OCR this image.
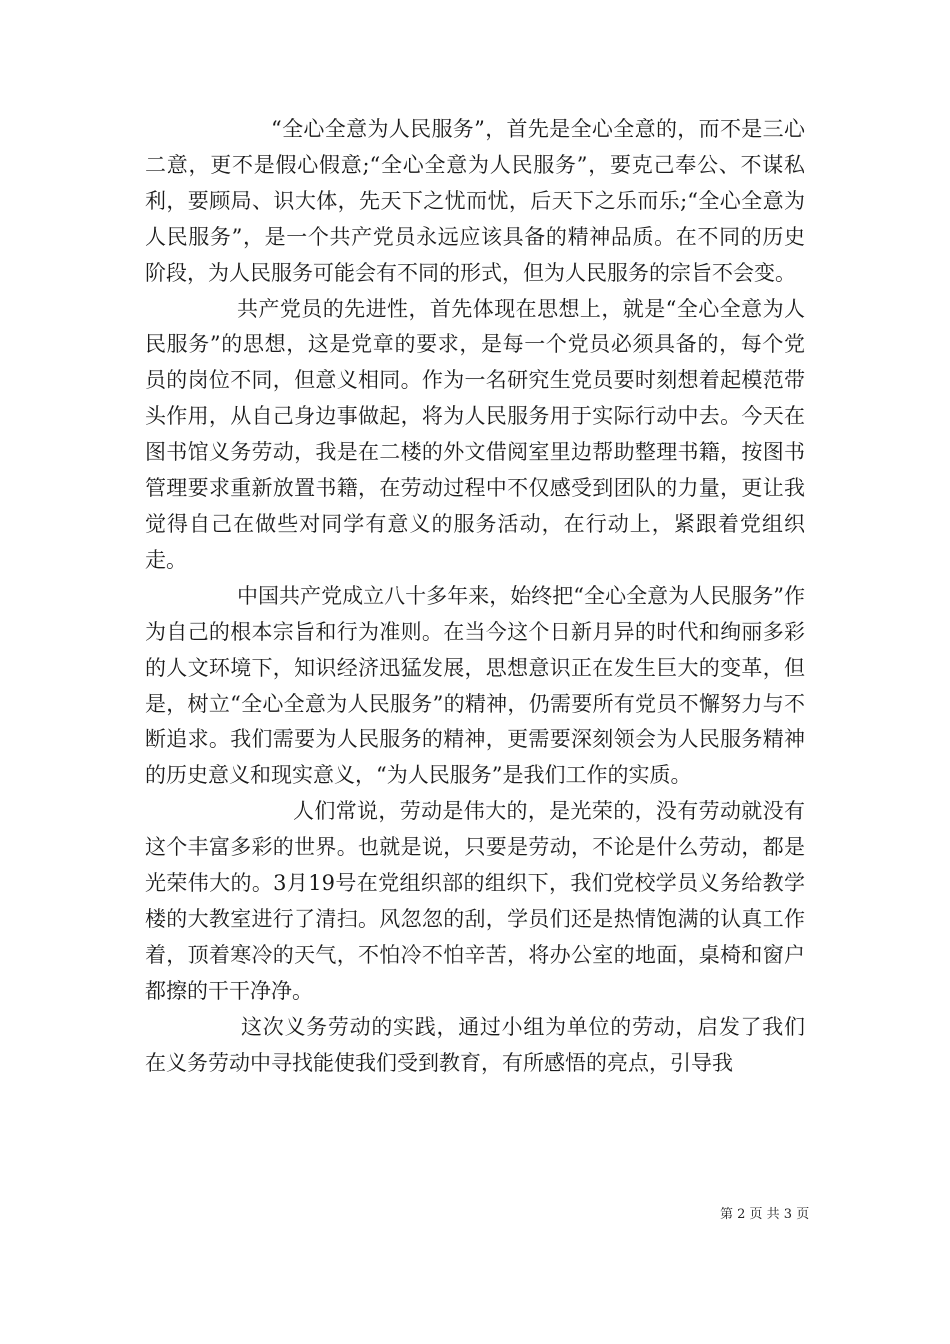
“全心全意为人民服务”，首先是全心全意的，而不是三心二意，更不是假心假意;“全心全意为人民服务”，要克己奉公、不谋私利，要顾局、识大体，先天下之忧而忧，后天下之乐而乐;“全心全意为人民服务”，是一个共产党员永远应该具备的精神品质。在不同的历史阶段，为人民服务可能会有不同的形式，但为人民服务的宗旨不会变。

共产党员的先进性，首先体现在思想上，就是“全心全意为人民服务”的思想，这是党章的要求，是每一个党员必须具备的，每个党员的岗位不同，但意义相同。作为一名研究生党员要时刻想着起模范带头作用，从自己身边事做起，将为人民服务用于实际行动中去。今天在图书馆义务劳动，我是在二楼的外文借阅室里边帮助整理书籍，按图书管理要求重新放置书籍，在劳动过程中不仅感受到团队的力量，更让我觉得自己在做些对同学有意义的服务活动，在行动上，紧跟着党组织走。

中国共产党成立八十多年来，始终把“全心全意为人民服务”作为自己的根本宗旨和行为准则。在当今这个日新月异的时代和绚丽多彩的人文环境下，知识经济迅猛发展，思想意识正在发生巨大的变革，但是，树立“全心全意为人民服务”的精神，仍需要所有党员不懈努力与不断追求。我们需要为人民服务的精神，更需要深刻领会为人民服务精神的历史意义和现实意义，“为人民服务”是我们工作的实质。

人们常说，劳动是伟大的，是光荣的，没有劳动就没有这个丰富多彩的世界。也就是说，只要是劳动，不论是什么劳动，都是光荣伟大的。3月19号在党组织部的组织下，我们党校学员义务给教学楼的大教室进行了清扫。风忽忽的刮，学员们还是热情饱满的认真工作着，顶着寒冷的天气，不怕冷不怕辛苦，将办公室的地面，桌椅和窗户都擦的干干净净。

这次义务劳动的实践，通过小组为单位的劳动，启发了我们在义务劳动中寻找能使我们受到教育，有所感悟的亮点，引导我

第 2 页 共 3 页
